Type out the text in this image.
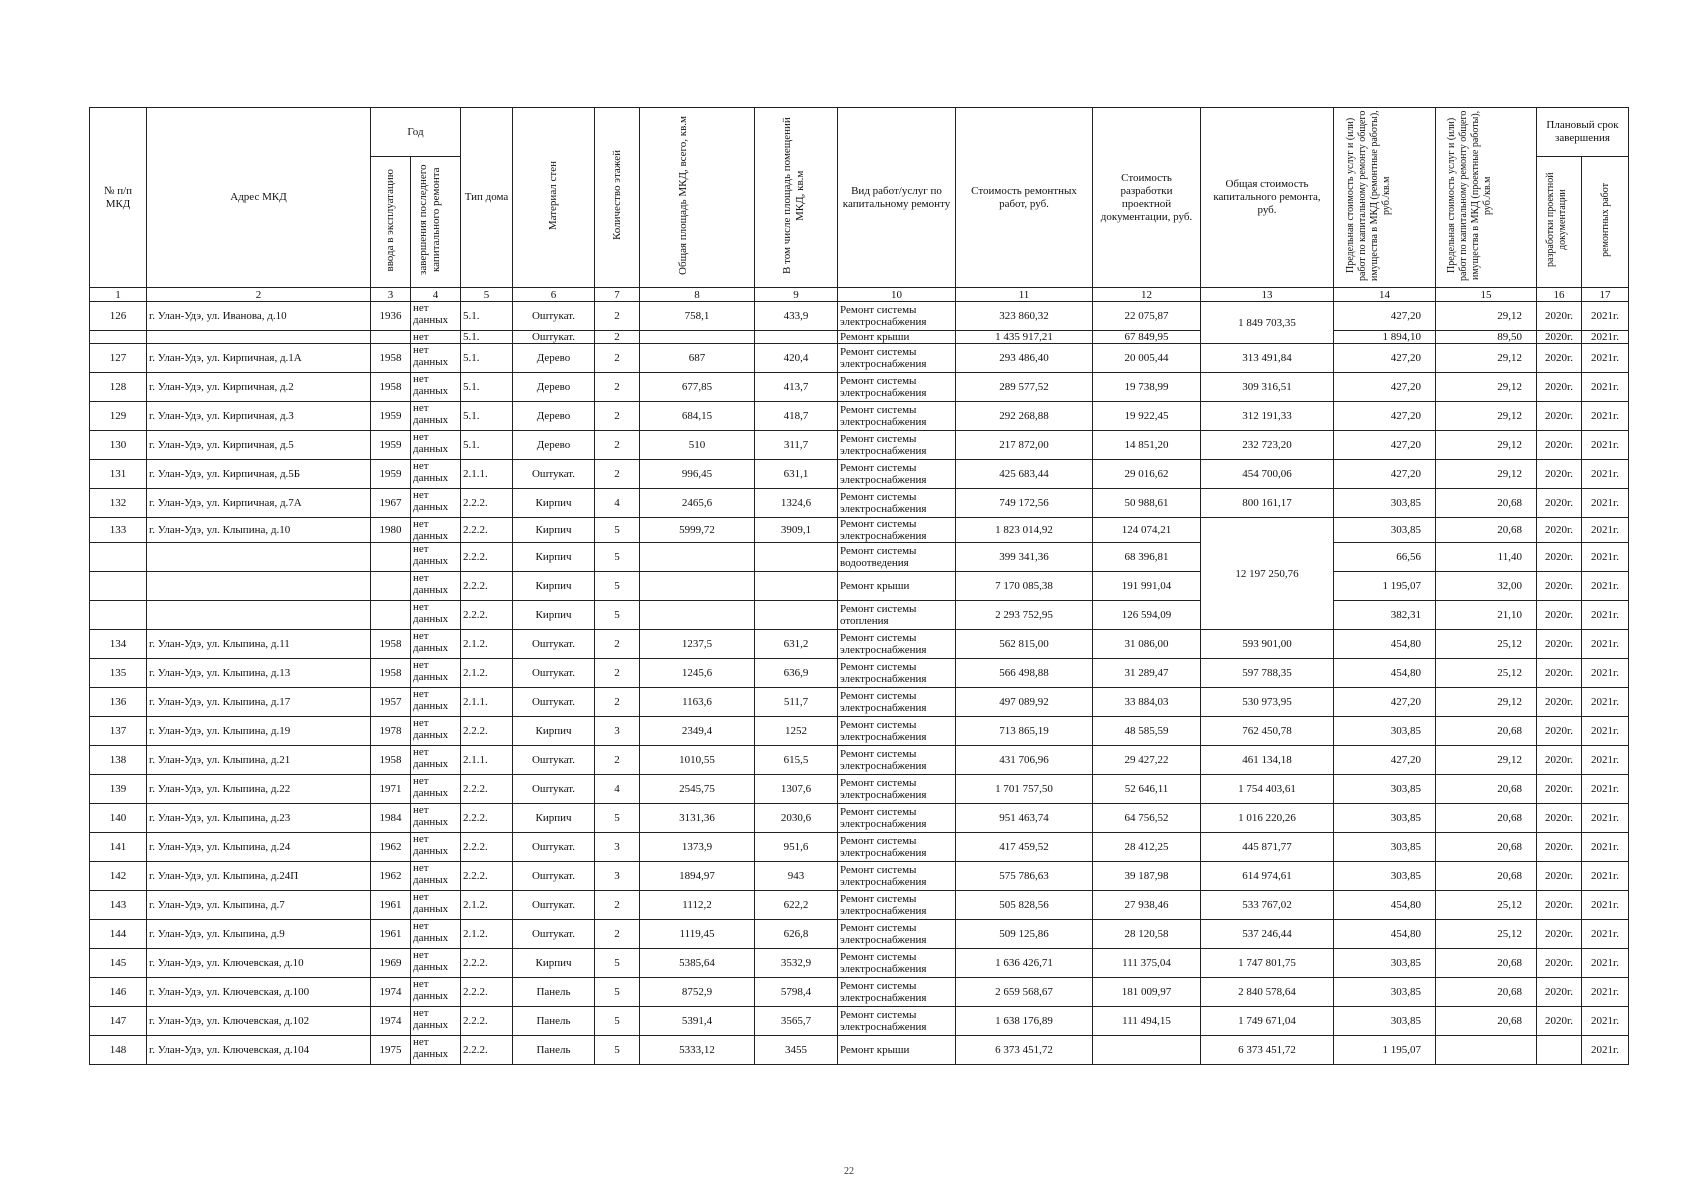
№ п/п МКД	Адрес МКД	Год		Тип дома	Материал стен	Количество этажей	Общая площадь МКД, всего, кв.м	В том числе площадь помещений МКД, кв.м	Вид работ/услуг по капитальному ремонту	Стоимость ремонтных работ, руб.	Стоимость разработки проектной документации, руб.	Общая стоимость капитального ремонта, руб.	Предельная стоимость услуг и (или) работ по капитальному ремонту общего имущества в МКД (ремонтные работы), руб./кв.м	Предельная стоимость услуг и (или) работ по капитальному ремонту общего имущества в МКД (проектные работы), руб./кв.м	Плановый срок завершения	
		ввода в эксплуатацию	завершения последнего капитального ремонта												разработки проектной документации	ремонтных работ
1	2	3	4	5	6	7	8	9	10	11	12	13	14	15	16	17
126	г. Улан-Удэ, ул. Иванова, д.10	1936	нет данных	5.1.	Оштукат.	2	758,1	433,9	Ремонт системы электроснабжения	323 860,32	22 075,87	1 849 703,35	427,20	29,12	2020г.	2021г.
			нет	5.1.	Оштукат.	2			Ремонт крыши	1 435 917,21	67 849,95		1 894,10	89,50	2020г.	2021г.
127	г. Улан-Удэ, ул. Кирпичная, д.1А	1958	нет данных	5.1.	Дерево	2	687	420,4	Ремонт системы электроснабжения	293 486,40	20 005,44	313 491,84	427,20	29,12	2020г.	2021г.
128	г. Улан-Удэ, ул. Кирпичная, д.2	1958	нет данных	5.1.	Дерево	2	677,85	413,7	Ремонт системы электроснабжения	289 577,52	19 738,99	309 316,51	427,20	29,12	2020г.	2021г.
129	г. Улан-Удэ, ул. Кирпичная, д.3	1959	нет данных	5.1.	Дерево	2	684,15	418,7	Ремонт системы электроснабжения	292 268,88	19 922,45	312 191,33	427,20	29,12	2020г.	2021г.
130	г. Улан-Удэ, ул. Кирпичная, д.5	1959	нет данных	5.1.	Дерево	2	510	311,7	Ремонт системы электроснабжения	217 872,00	14 851,20	232 723,20	427,20	29,12	2020г.	2021г.
131	г. Улан-Удэ, ул. Кирпичная, д.5Б	1959	нет данных	2.1.1.	Оштукат.	2	996,45	631,1	Ремонт системы электроснабжения	425 683,44	29 016,62	454 700,06	427,20	29,12	2020г.	2021г.
132	г. Улан-Удэ, ул. Кирпичная, д.7А	1967	нет данных	2.2.2.	Кирпич	4	2465,6	1324,6	Ремонт системы электроснабжения	749 172,56	50 988,61	800 161,17	303,85	20,68	2020г.	2021г.
133	г. Улан-Удэ, ул. Клыпина, д.10	1980	нет данных	2.2.2.	Кирпич	5	5999,72	3909,1	Ремонт системы электроснабжения	1 823 014,92	124 074,21	12 197 250,76	303,85	20,68	2020г.	2021г.
			нет данных	2.2.2.	Кирпич	5			Ремонт системы водоотведения	399 341,36	68 396,81		66,56	11,40	2020г.	2021г.
			нет данных	2.2.2.	Кирпич	5			Ремонт крыши	7 170 085,38	191 991,04		1 195,07	32,00	2020г.	2021г.
			нет данных	2.2.2.	Кирпич	5			Ремонт системы отопления	2 293 752,95	126 594,09		382,31	21,10	2020г.	2021г.
134	г. Улан-Удэ, ул. Клыпина, д.11	1958	нет данных	2.1.2.	Оштукат.	2	1237,5	631,2	Ремонт системы электроснабжения	562 815,00	31 086,00	593 901,00	454,80	25,12	2020г.	2021г.
135	г. Улан-Удэ, ул. Клыпина, д.13	1958	нет данных	2.1.2.	Оштукат.	2	1245,6	636,9	Ремонт системы электроснабжения	566 498,88	31 289,47	597 788,35	454,80	25,12	2020г.	2021г.
136	г. Улан-Удэ, ул. Клыпина, д.17	1957	нет данных	2.1.1.	Оштукат.	2	1163,6	511,7	Ремонт системы электроснабжения	497 089,92	33 884,03	530 973,95	427,20	29,12	2020г.	2021г.
137	г. Улан-Удэ, ул. Клыпина, д.19	1978	нет данных	2.2.2.	Кирпич	3	2349,4	1252	Ремонт системы электроснабжения	713 865,19	48 585,59	762 450,78	303,85	20,68	2020г.	2021г.
138	г. Улан-Удэ, ул. Клыпина, д.21	1958	нет данных	2.1.1.	Оштукат.	2	1010,55	615,5	Ремонт системы электроснабжения	431 706,96	29 427,22	461 134,18	427,20	29,12	2020г.	2021г.
139	г. Улан-Удэ, ул. Клыпина, д.22	1971	нет данных	2.2.2.	Оштукат.	4	2545,75	1307,6	Ремонт системы электроснабжения	1 701 757,50	52 646,11	1 754 403,61	303,85	20,68	2020г.	2021г.
140	г. Улан-Удэ, ул. Клыпина, д.23	1984	нет данных	2.2.2.	Кирпич	5	3131,36	2030,6	Ремонт системы электроснабжения	951 463,74	64 756,52	1 016 220,26	303,85	20,68	2020г.	2021г.
141	г. Улан-Удэ, ул. Клыпина, д.24	1962	нет данных	2.2.2.	Оштукат.	3	1373,9	951,6	Ремонт системы электроснабжения	417 459,52	28 412,25	445 871,77	303,85	20,68	2020г.	2021г.
142	г. Улан-Удэ, ул. Клыпина, д.24П	1962	нет данных	2.2.2.	Оштукат.	3	1894,97	943	Ремонт системы электроснабжения	575 786,63	39 187,98	614 974,61	303,85	20,68	2020г.	2021г.
143	г. Улан-Удэ, ул. Клыпина, д.7	1961	нет данных	2.1.2.	Оштукат.	2	1112,2	622,2	Ремонт системы электроснабжения	505 828,56	27 938,46	533 767,02	454,80	25,12	2020г.	2021г.
144	г. Улан-Удэ, ул. Клыпина, д.9	1961	нет данных	2.1.2.	Оштукат.	2	1119,45	626,8	Ремонт системы электроснабжения	509 125,86	28 120,58	537 246,44	454,80	25,12	2020г.	2021г.
145	г. Улан-Удэ, ул. Ключевская, д.10	1969	нет данных	2.2.2.	Кирпич	5	5385,64	3532,9	Ремонт системы электроснабжения	1 636 426,71	111 375,04	1 747 801,75	303,85	20,68	2020г.	2021г.
146	г. Улан-Удэ, ул. Ключевская, д.100	1974	нет данных	2.2.2.	Панель	5	8752,9	5798,4	Ремонт системы электроснабжения	2 659 568,67	181 009,97	2 840 578,64	303,85	20,68	2020г.	2021г.
147	г. Улан-Удэ, ул. Ключевская, д.102	1974	нет данных	2.2.2.	Панель	5	5391,4	3565,7	Ремонт системы электроснабжения	1 638 176,89	111 494,15	1 749 671,04	303,85	20,68	2020г.	2021г.
148	г. Улан-Удэ, ул. Ключевская, д.104	1975	нет данных	2.2.2.	Панель	5	5333,12	3455	Ремонт крыши	6 373 451,72		6 373 451,72	1 195,07			2021г.
22
